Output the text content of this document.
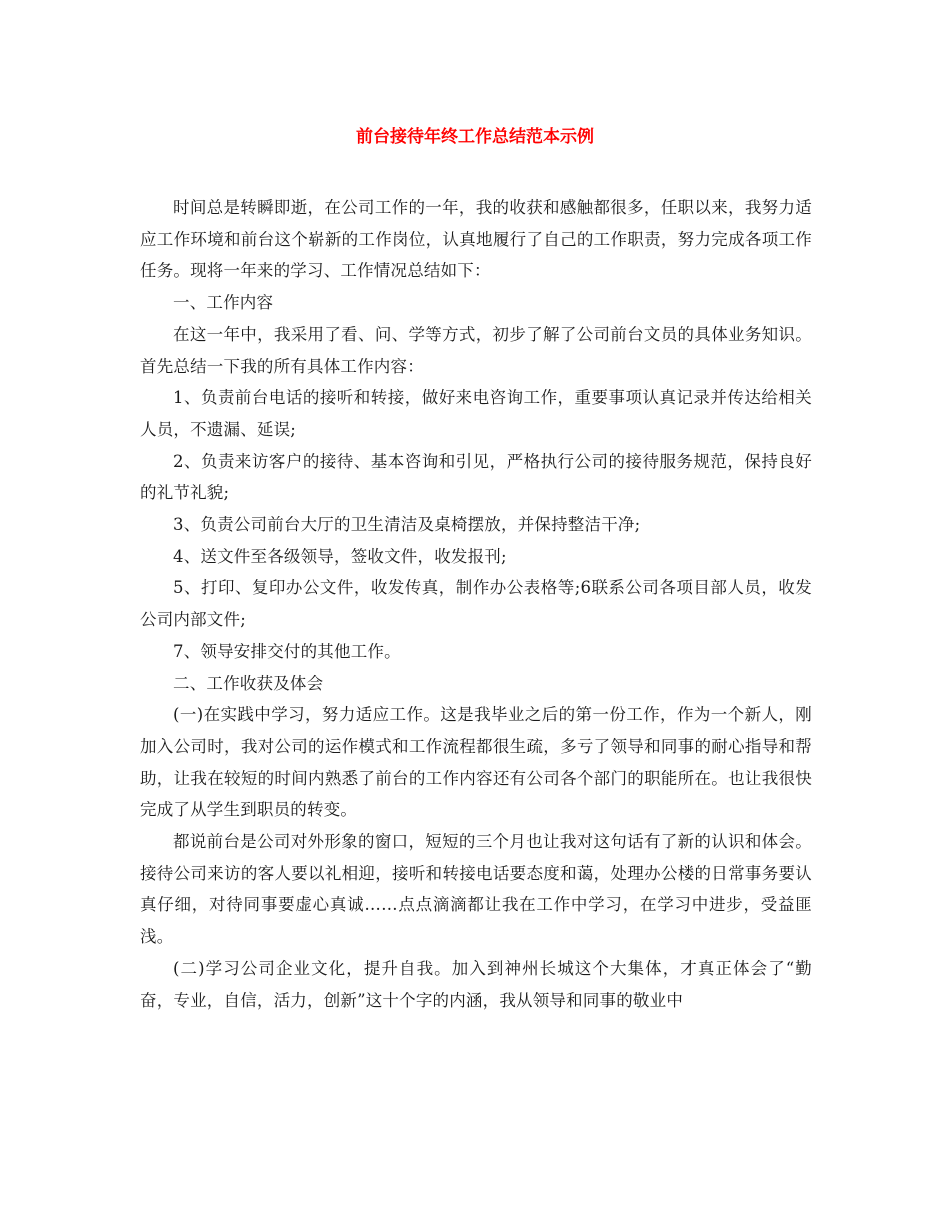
前台接待年终工作总结范本示例

时间总是转瞬即逝，在公司工作的一年，我的收获和感触都很多，任职以来，我努力适应工作环境和前台这个崭新的工作岗位，认真地履行了自己的工作职责，努力完成各项工作任务。现将一年来的学习、工作情况总结如下：

一、工作内容

在这一年中，我采用了看、问、学等方式，初步了解了公司前台文员的具体业务知识。首先总结一下我的所有具体工作内容：

1、负责前台电话的接听和转接，做好来电咨询工作，重要事项认真记录并传达给相关人员，不遗漏、延误;

2、负责来访客户的接待、基本咨询和引见，严格执行公司的接待服务规范，保持良好的礼节礼貌;

3、负责公司前台大厅的卫生清洁及桌椅摆放，并保持整洁干净;

4、送文件至各级领导，签收文件，收发报刊;

5、打印、复印办公文件，收发传真，制作办公表格等;6联系公司各项目部人员，收发公司内部文件;

7、领导安排交付的其他工作。

二、工作收获及体会

(一)在实践中学习，努力适应工作。这是我毕业之后的第一份工作，作为一个新人，刚加入公司时，我对公司的运作模式和工作流程都很生疏，多亏了领导和同事的耐心指导和帮助，让我在较短的时间内熟悉了前台的工作内容还有公司各个部门的职能所在。也让我很快完成了从学生到职员的转变。

都说前台是公司对外形象的窗口，短短的三个月也让我对这句话有了新的认识和体会。接待公司来访的客人要以礼相迎，接听和转接电话要态度和蔼，处理办公楼的日常事务要认真仔细，对待同事要虚心真诚……点点滴滴都让我在工作中学习，在学习中进步，受益匪浅。

(二)学习公司企业文化，提升自我。加入到神州长城这个大集体，才真正体会了“勤奋，专业，自信，活力，创新”这十个字的内涵，我从领导和同事的敬业中
